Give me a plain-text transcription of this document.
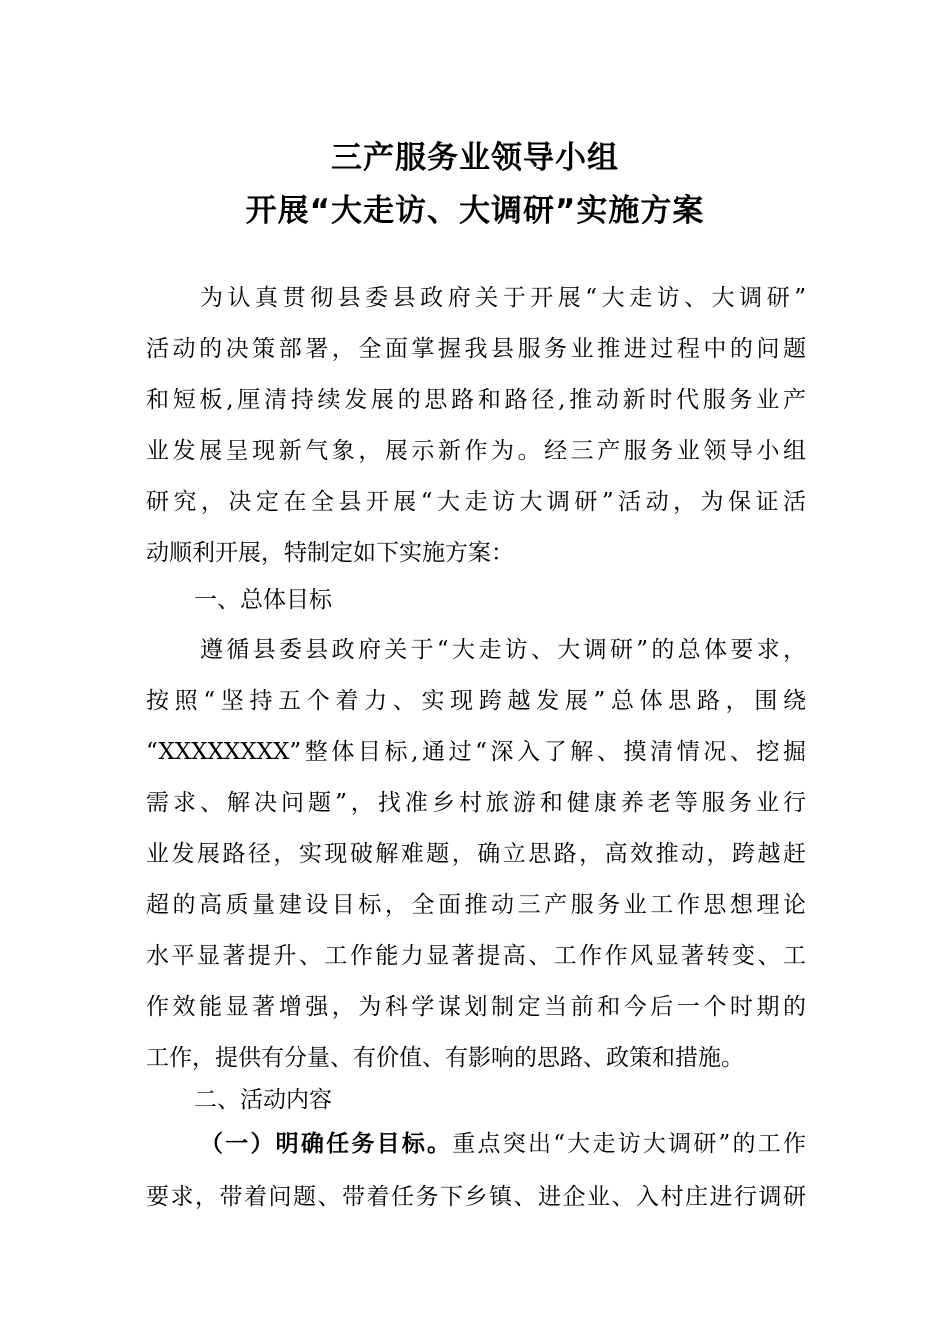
三产服务业领导小组
开展“大走访、大调研”实施方案
为认真贯彻县委县政府关于开展“大走访、大调研”
活动的决策部署，全面掌握我县服务业推进过程中的问题
和短板,厘清持续发展的思路和路径,推动新时代服务业产
业发展呈现新气象，展示新作为。经三产服务业领导小组
研究，决定在全县开展“大走访大调研”活动，为保证活
动顺利开展，特制定如下实施方案：
一、总体目标
遵循县委县政府关于“大走访、大调研”的总体要求，
按照“坚持五个着力、实现跨越发展”总体思路，围绕
“XXXXXXXX”整体目标,通过“深入了解、摸清情况、挖掘
需求、解决问题”，找准乡村旅游和健康养老等服务业行
业发展路径，实现破解难题，确立思路，高效推动，跨越赶
超的高质量建设目标，全面推动三产服务业工作思想理论
水平显著提升、工作能力显著提高、工作作风显著转变、工
作效能显著增强，为科学谋划制定当前和今后一个时期的
工作，提供有分量、有价值、有影响的思路、政策和措施。
二、活动内容
（一）明确任务目标。重点突出“大走访大调研”的工作
要求，带着问题、带着任务下乡镇、进企业、入村庄进行调研
